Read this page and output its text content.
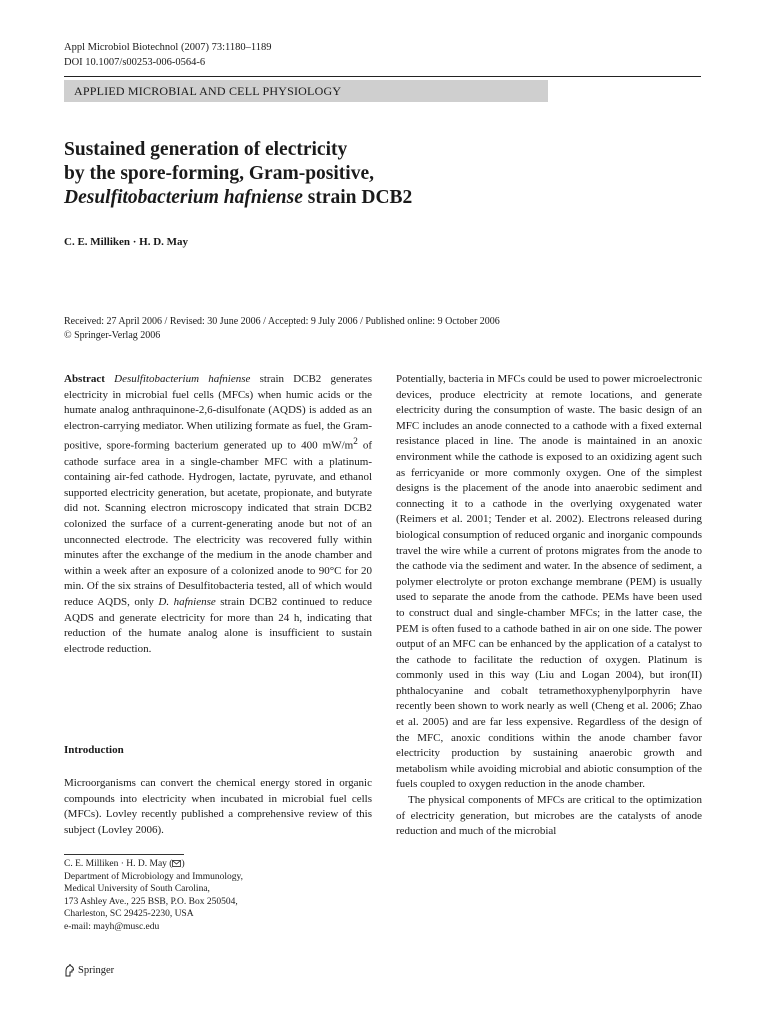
Appl Microbiol Biotechnol (2007) 73:1180–1189
DOI 10.1007/s00253-006-0564-6
APPLIED MICROBIAL AND CELL PHYSIOLOGY
Sustained generation of electricity
by the spore-forming, Gram-positive,
Desulfitobacterium hafniense strain DCB2
C. E. Milliken · H. D. May
Received: 27 April 2006 / Revised: 30 June 2006 / Accepted: 9 July 2006 / Published online: 9 October 2006
© Springer-Verlag 2006

Abstract Desulfitobacterium hafniense strain DCB2 generates electricity in microbial fuel cells (MFCs) when humic acids or the humate analog anthraquinone-2,6-disulfonate (AQDS) is added as an electron-carrying mediator. When utilizing formate as fuel, the Gram-positive, spore-forming bacterium generated up to 400 $mW/m^2$ of cathode surface area in a single-chamber MFC with a platinum-containing air-fed cathode. Hydrogen, lactate, pyruvate, and ethanol supported electricity generation, but acetate, propionate, and butyrate did not. Scanning electron microscopy indicated that strain DCB2 colonized the surface of a current-generating anode but not of an unconnected electrode. The electricity was recovered fully within minutes after the exchange of the medium in the anode chamber and within a week after an exposure of a colonized anode to 90°C for 20 min. Of the six strains of Desulfitobacteria tested, all of which would reduce AQDS, only D. hafniense strain DCB2 continued to reduce AQDS and generate electricity for more than 24 h, indicating that reduction of the humate analog alone is insufficient to sustain electrode reduction.

Introduction

Microorganisms can convert the chemical energy stored in organic compounds into electricity when incubated in microbial fuel cells (MFCs). Lovley recently published a comprehensive review of this subject (Lovley 2006).

C. E. Milliken · H. D. May ( )
Department of Microbiology and Immunology,
Medical University of South Carolina,
173 Ashley Ave., 225 BSB, P.O. Box 250504,
Charleston, SC 29425-2230, USA
e-mail: mayh@musc.edu

Potentially, bacteria in MFCs could be used to power microelectronic devices, produce electricity at remote locations, and generate electricity during the consumption of waste. The basic design of an MFC includes an anode connected to a cathode with a fixed external resistance placed in line. The anode is maintained in an anoxic environment while the cathode is exposed to an oxidizing agent such as ferricyanide or more commonly oxygen. One of the simplest designs is the placement of the anode into anaerobic sediment and connecting it to a cathode in the overlying oxygenated water (Reimers et al. 2001; Tender et al. 2002). Electrons released during biological consumption of reduced organic and inorganic compounds travel the wire while a current of protons migrates from the anode to the cathode via the sediment and water. In the absence of sediment, a polymer electrolyte or proton exchange membrane (PEM) is usually used to separate the anode from the cathode. PEMs have been used to construct dual and single-chamber MFCs; in the latter case, the PEM is often fused to a cathode bathed in air on one side. The power output of an MFC can be enhanced by the application of a catalyst to the cathode to facilitate the reduction of oxygen. Platinum is commonly used in this way (Liu and Logan 2004), but iron(II) phthalocyanine and cobalt tetramethoxyphenylporphyrin have recently been shown to work nearly as well (Cheng et al. 2006; Zhao et al. 2005) and are far less expensive. Regardless of the design of the MFC, anoxic conditions within the anode chamber favor electricity production by sustaining anaerobic growth and metabolism while avoiding microbial and abiotic consumption of the fuels coupled to oxygen reduction in the anode chamber.

The physical components of MFCs are critical to the optimization of electricity generation, but microbes are the catalysts of anode reduction and much of the microbial

Springer
